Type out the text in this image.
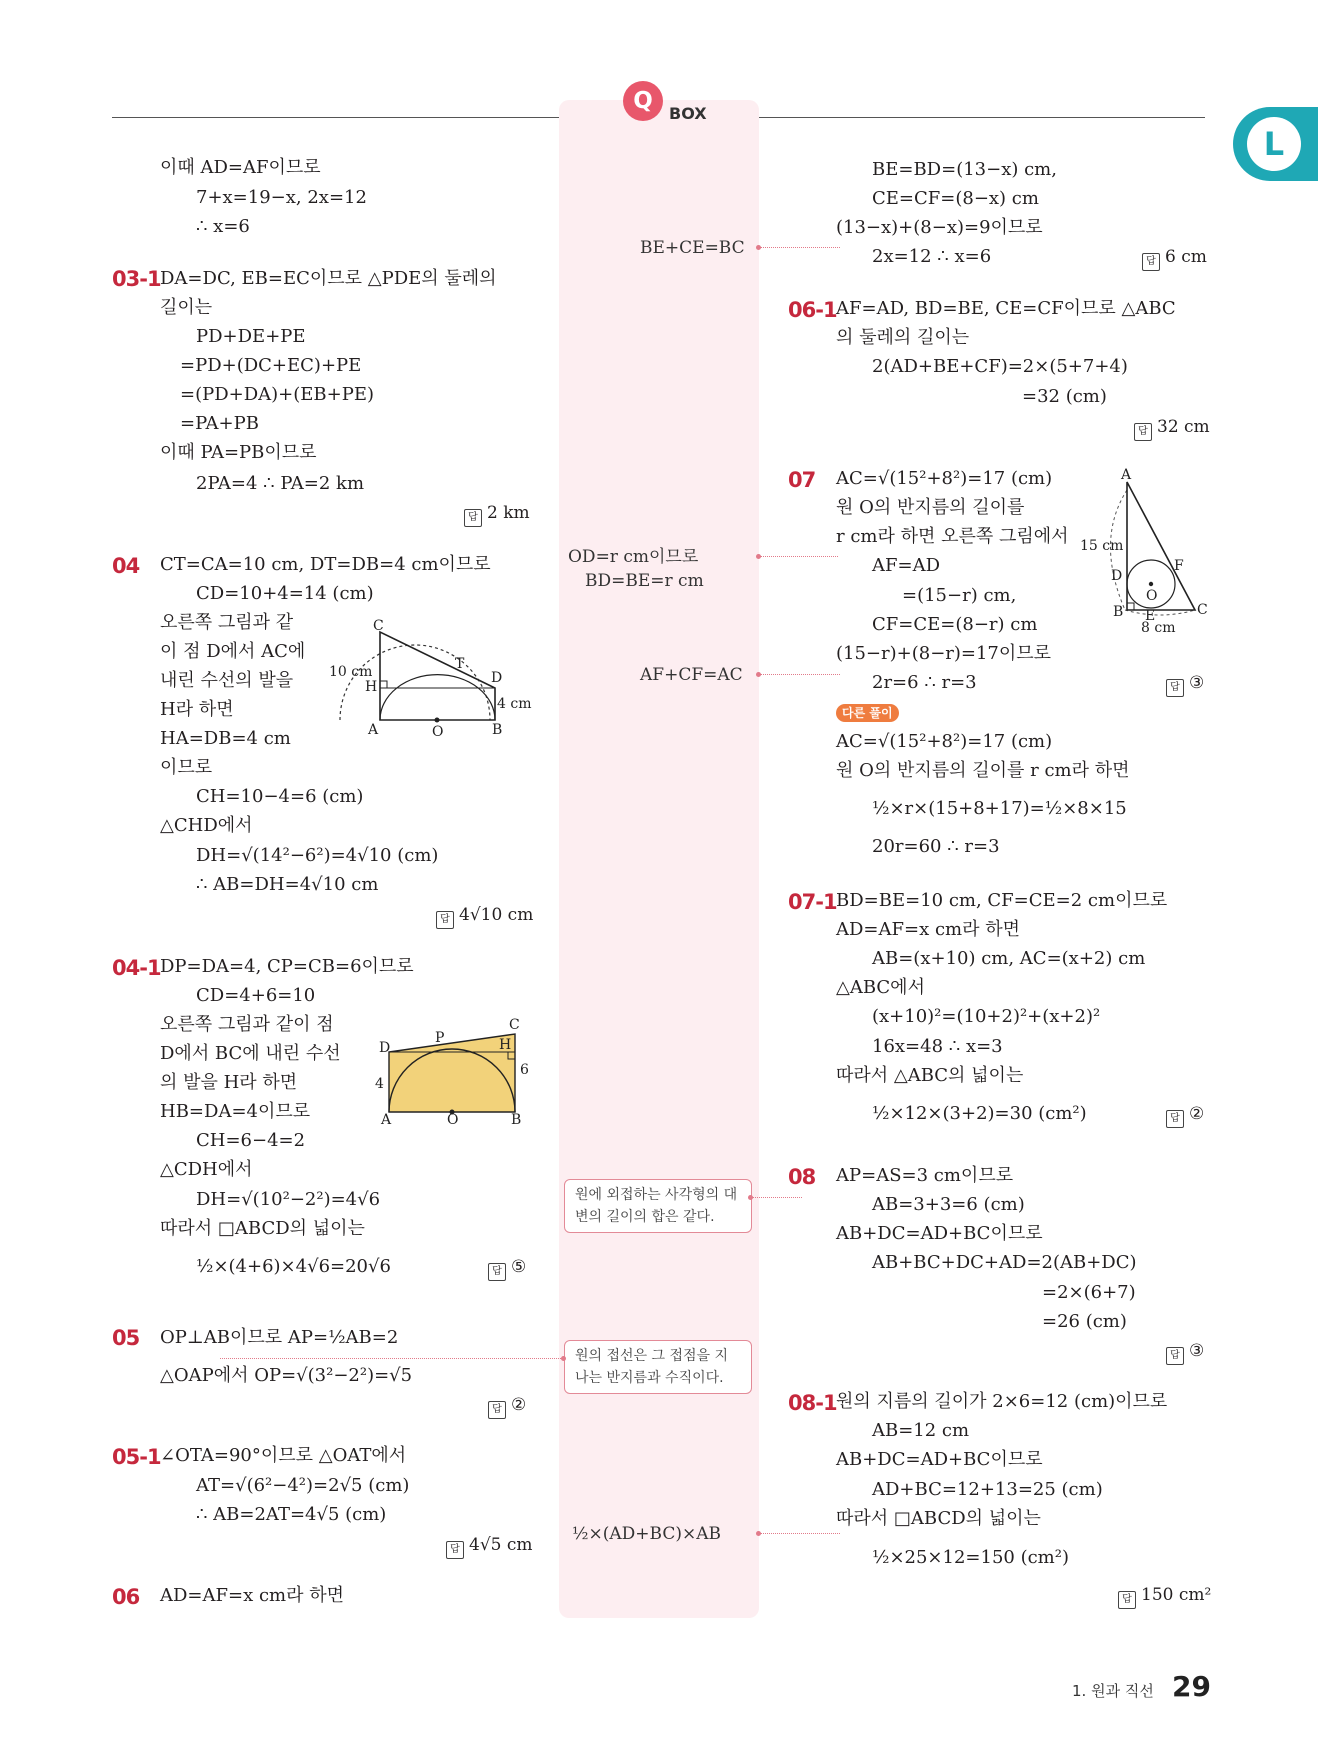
Q	BOX
L
이때 AD=AF이므로
7+x=19−x, 2x=12
∴ x=6
03-1 DA=DC, EB=EC이므로 △PDE의 둘레의
길이는
PD+DE+PE
=PD+(DC+EC)+PE
=(PD+DA)+(EB+PE)
=PA+PB
이때 PA=PB이므로
2PA=4 ∴ PA=2 km
답 2 km
04 CT=CA=10 cm, DT=DB=4 cm이므로
CD=10+4=14 (cm)
오른쪽 그림과 같
이 점 D에서 AC에
내린 수선의 발을
H라 하면
HA=DB=4 cm
이므로
CH=10−4=6 (cm)
△CHD에서
DH=√(14²−6²)=4√10 (cm)
∴ AB=DH=4√10 cm
답 4√10 cm
C
T
D
H
A	O	B
10 cm
4 cm
04-1 DP=DA=4, CP=CB=6이므로
CD=4+6=10
오른쪽 그림과 같이 점
D에서 BC에 내린 수선
의 발을 H라 하면
HB=DA=4이므로
CH=6−4=2
△CDH에서
DH=√(10²−2²)=4√6
따라서 □ABCD의 넓이는
½×(4+6)×4√6=20√6	답 ⑤
P
C
D	H
A	O	B
4
6
05 OP⊥AB이므로 AP=½AB=2
△OAP에서 OP=√(3²−2²)=√5
답 ②
05-1 ∠OTA=90°이므로 △OAT에서
AT=√(6²−4²)=2√5 (cm)
∴ AB=2AT=4√5 (cm)
답 4√5 cm
06 AD=AF=x cm라 하면
BE+CE=BC
OD=r cm이므로
BD=BE=r cm
AF+CF=AC
원에 외접하는 사각형의 대
변의 길이의 합은 같다.
원의 접선은 그 접점을 지
나는 반지름과 수직이다.
½×(AD+BC)×AB
BE=BD=(13−x) cm,
CE=CF=(8−x) cm
(13−x)+(8−x)=9이므로
2x=12 ∴ x=6	답 6 cm
06-1 AF=AD, BD=BE, CE=CF이므로 △ABC
의 둘레의 길이는
2(AD+BE+CF)=2×(5+7+4)
=32 (cm)
답 32 cm
07 AC=√(15²+8²)=17 (cm)
원 O의 반지름의 길이를
r cm라 하면 오른쪽 그림에서
AF=AD
=(15−r) cm,
CF=CE=(8−r) cm
(15−r)+(8−r)=17이므로
2r=6 ∴ r=3	답 ③
다른 풀이
AC=√(15²+8²)=17 (cm)
원 O의 반지름의 길이를 r cm라 하면
½×r×(15+8+17)=½×8×15
20r=60 ∴ r=3
A
F
D
O
B E	C
15 cm
8 cm
07-1 BD=BE=10 cm, CF=CE=2 cm이므로
AD=AF=x cm라 하면
AB=(x+10) cm, AC=(x+2) cm
△ABC에서
(x+10)²=(10+2)²+(x+2)²
16x=48 ∴ x=3
따라서 △ABC의 넓이는
½×12×(3+2)=30 (cm²)	답 ②
08 AP=AS=3 cm이므로
AB=3+3=6 (cm)
AB+DC=AD+BC이므로
AB+BC+DC+AD=2(AB+DC)
=2×(6+7)
=26 (cm)
답 ③
08-1 원의 지름의 길이가 2×6=12 (cm)이므로
AB=12 cm
AB+DC=AD+BC이므로
AD+BC=12+13=25 (cm)
따라서 □ABCD의 넓이는
½×25×12=150 (cm²)
답 150 cm²
1. 원과 직선 29
